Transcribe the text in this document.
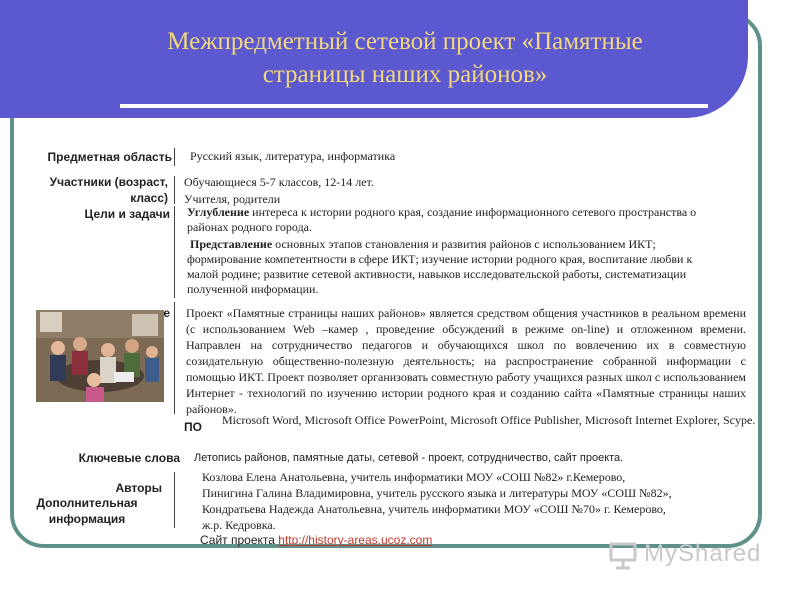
Межпредметный сетевой проект «Памятные
страницы наших районов»
Предметная область Русский язык, литература, информатика
Участники (возраст,
класс)
Обучающиеся 5-7 классов, 12-14 лет.
Учителя, родители
Цели и задачи Углубление интереса к истории родного края, создание информационного сетевого пространства о районах родного города.
Представление основных этапов становления и развития районов с использованием ИКТ; формирование компетентности в сфере ИКТ; изучение истории родного края, воспитание любви к малой родине; развитие сетевой активности, навыков исследовательской работы, систематизации полученной информации.
е Проект «Памятные страницы наших районов» является средством общения участников в реальном времени (с использованием Web –камер , проведение обсуждений в режиме on-line) и отложенном времени. Направлен на сотрудничество педагогов и обучающихся школ по вовлечению их в совместную созидательную общественно-полезную деятельность; на распространение собранной информации с помощью ИКТ. Проект позволяет организовать совместную работу учащихся разных школ с использованием Интернет - технологий по изучению истории родного края и созданию сайта «Памятные страницы наших районов».
ПО Microsoft Word, Microsoft Office PowerPoint, Microsoft Office Publisher, Microsoft Internet Explorer, Scype.
Ключевые слова Летопись районов, памятные даты, сетевой - проект, сотрудничество, сайт проекта.
Авторы
Козлова Елена Анатольевна, учитель информатики МОУ «СОШ №82» г.Кемерово,
Пинигина Галина Владимировна, учитель русского языка и литературы МОУ «СОШ №82»,
Кондратьева Надежда Анатольевна, учитель информатики МОУ «СОШ №70» г. Кемерово,
ж.р. Кедровка.
Дополнительная
информация
Сайт проекта http://history-areas.ucoz.com	MyShared
